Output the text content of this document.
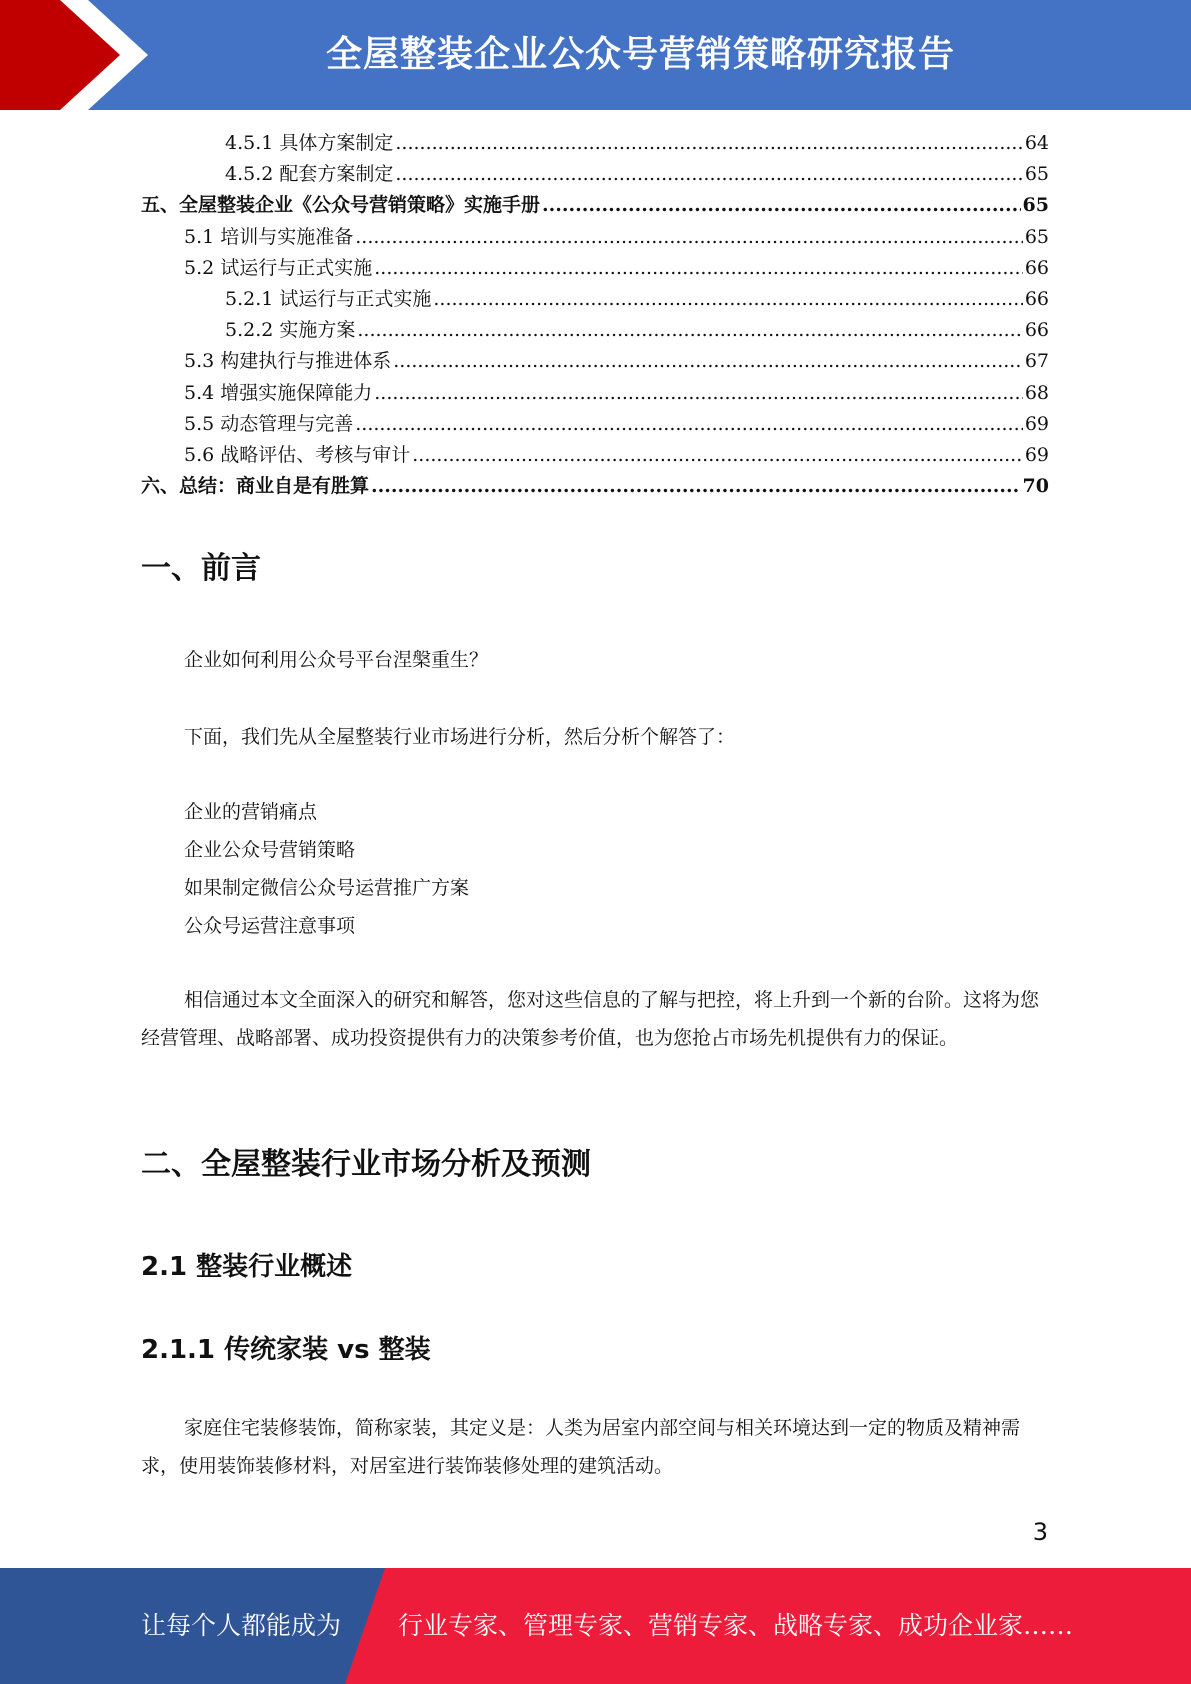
全屋整装企业公众号营销策略研究报告
4.5.1 具体方案制定 .....	64
4.5.2 配套方案制定 .....	65
五、全屋整装企业《公众号营销策略》实施手册 .....	65
5.1 培训与实施准备 .....	65
5.2 试运行与正式实施 .....	66
5.2.1 试运行与正式实施 .....	66
5.2.2 实施方案 .....	66
5.3 构建执行与推进体系 .....	67
5.4 增强实施保障能力 .....	68
5.5 动态管理与完善 .....	69
5.6 战略评估、考核与审计 .....	69
六、总结：商业自是有胜算 .....	70
一、前言
企业如何利用公众号平台涅槃重生？
下面，我们先从全屋整装行业市场进行分析，然后分析个解答了：
企业的营销痛点
企业公众号营销策略
如果制定微信公众号运营推广方案
公众号运营注意事项
相信通过本文全面深入的研究和解答，您对这些信息的了解与把控，将上升到一个新的台阶。这将为您经营管理、战略部署、成功投资提供有力的决策参考价值，也为您抢占市场先机提供有力的保证。
二、全屋整装行业市场分析及预测
2.1 整装行业概述
2.1.1 传统家装 vs 整装
家庭住宅装修装饰，简称家装，其定义是：人类为居室内部空间与相关环境达到一定的物质及精神需求，使用装饰装修材料，对居室进行装饰装修处理的建筑活动。
3
让每个人都能成为 行业专家、管理专家、营销专家、战略专家、成功企业家……
